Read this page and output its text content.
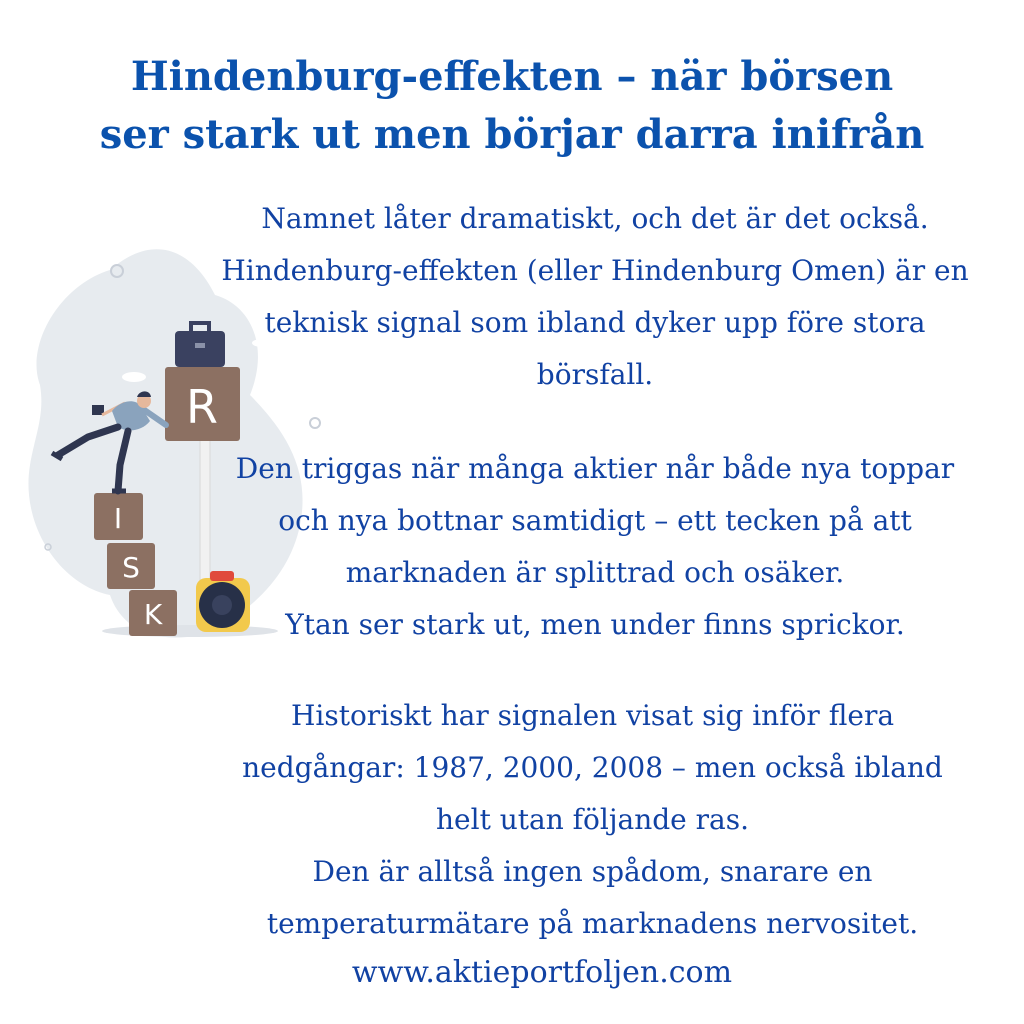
Hindenburg-effekten – när börsen
ser stark ut men börjar darra inifrån
R
I
S
K
Namnet låter dramatiskt, och det är det också.
Hindenburg-effekten (eller Hindenburg Omen) är en
teknisk signal som ibland dyker upp före stora
börsfall.
Den triggas när många aktier når både nya toppar
och nya bottnar samtidigt – ett tecken på att
marknaden är splittrad och osäker.
Ytan ser stark ut, men under finns sprickor.
Historiskt har signalen visat sig inför flera
nedgångar: 1987, 2000, 2008 – men också ibland
helt utan följande ras.
Den är alltså ingen spådom, snarare en
temperaturmätare på marknadens nervositet.
www.aktieportfoljen.com
